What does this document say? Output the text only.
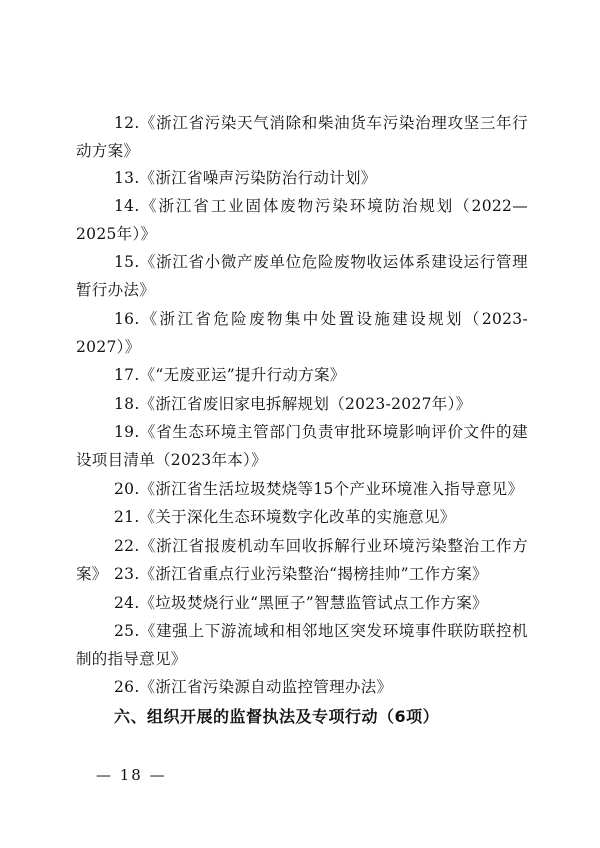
12.《浙江省污染天气消除和柴油货车污染治理攻坚三年行动方案》
13.《浙江省噪声污染防治行动计划》
14.《浙江省工业固体废物污染环境防治规划（2022—2025年）》
15.《浙江省小微产废单位危险废物收运体系建设运行管理暂行办法》
16.《浙江省危险废物集中处置设施建设规划（2023-2027）》
17.《“无废亚运”提升行动方案》
18.《浙江省废旧家电拆解规划（2023-2027年）》
19.《省生态环境主管部门负责审批环境影响评价文件的建设项目清单（2023年本）》
20.《浙江省生活垃圾焚烧等15个产业环境准入指导意见》
21.《关于深化生态环境数字化改革的实施意见》
22.《浙江省报废机动车回收拆解行业环境污染整治工作方案》 23.《浙江省重点行业污染整治“揭榜挂帅”工作方案》
24.《垃圾焚烧行业“黑匣子”智慧监管试点工作方案》
25.《建强上下游流域和相邻地区突发环境事件联防联控机制的指导意见》
26.《浙江省污染源自动监控管理办法》
六、组织开展的监督执法及专项行动（6项）
— 18 —
